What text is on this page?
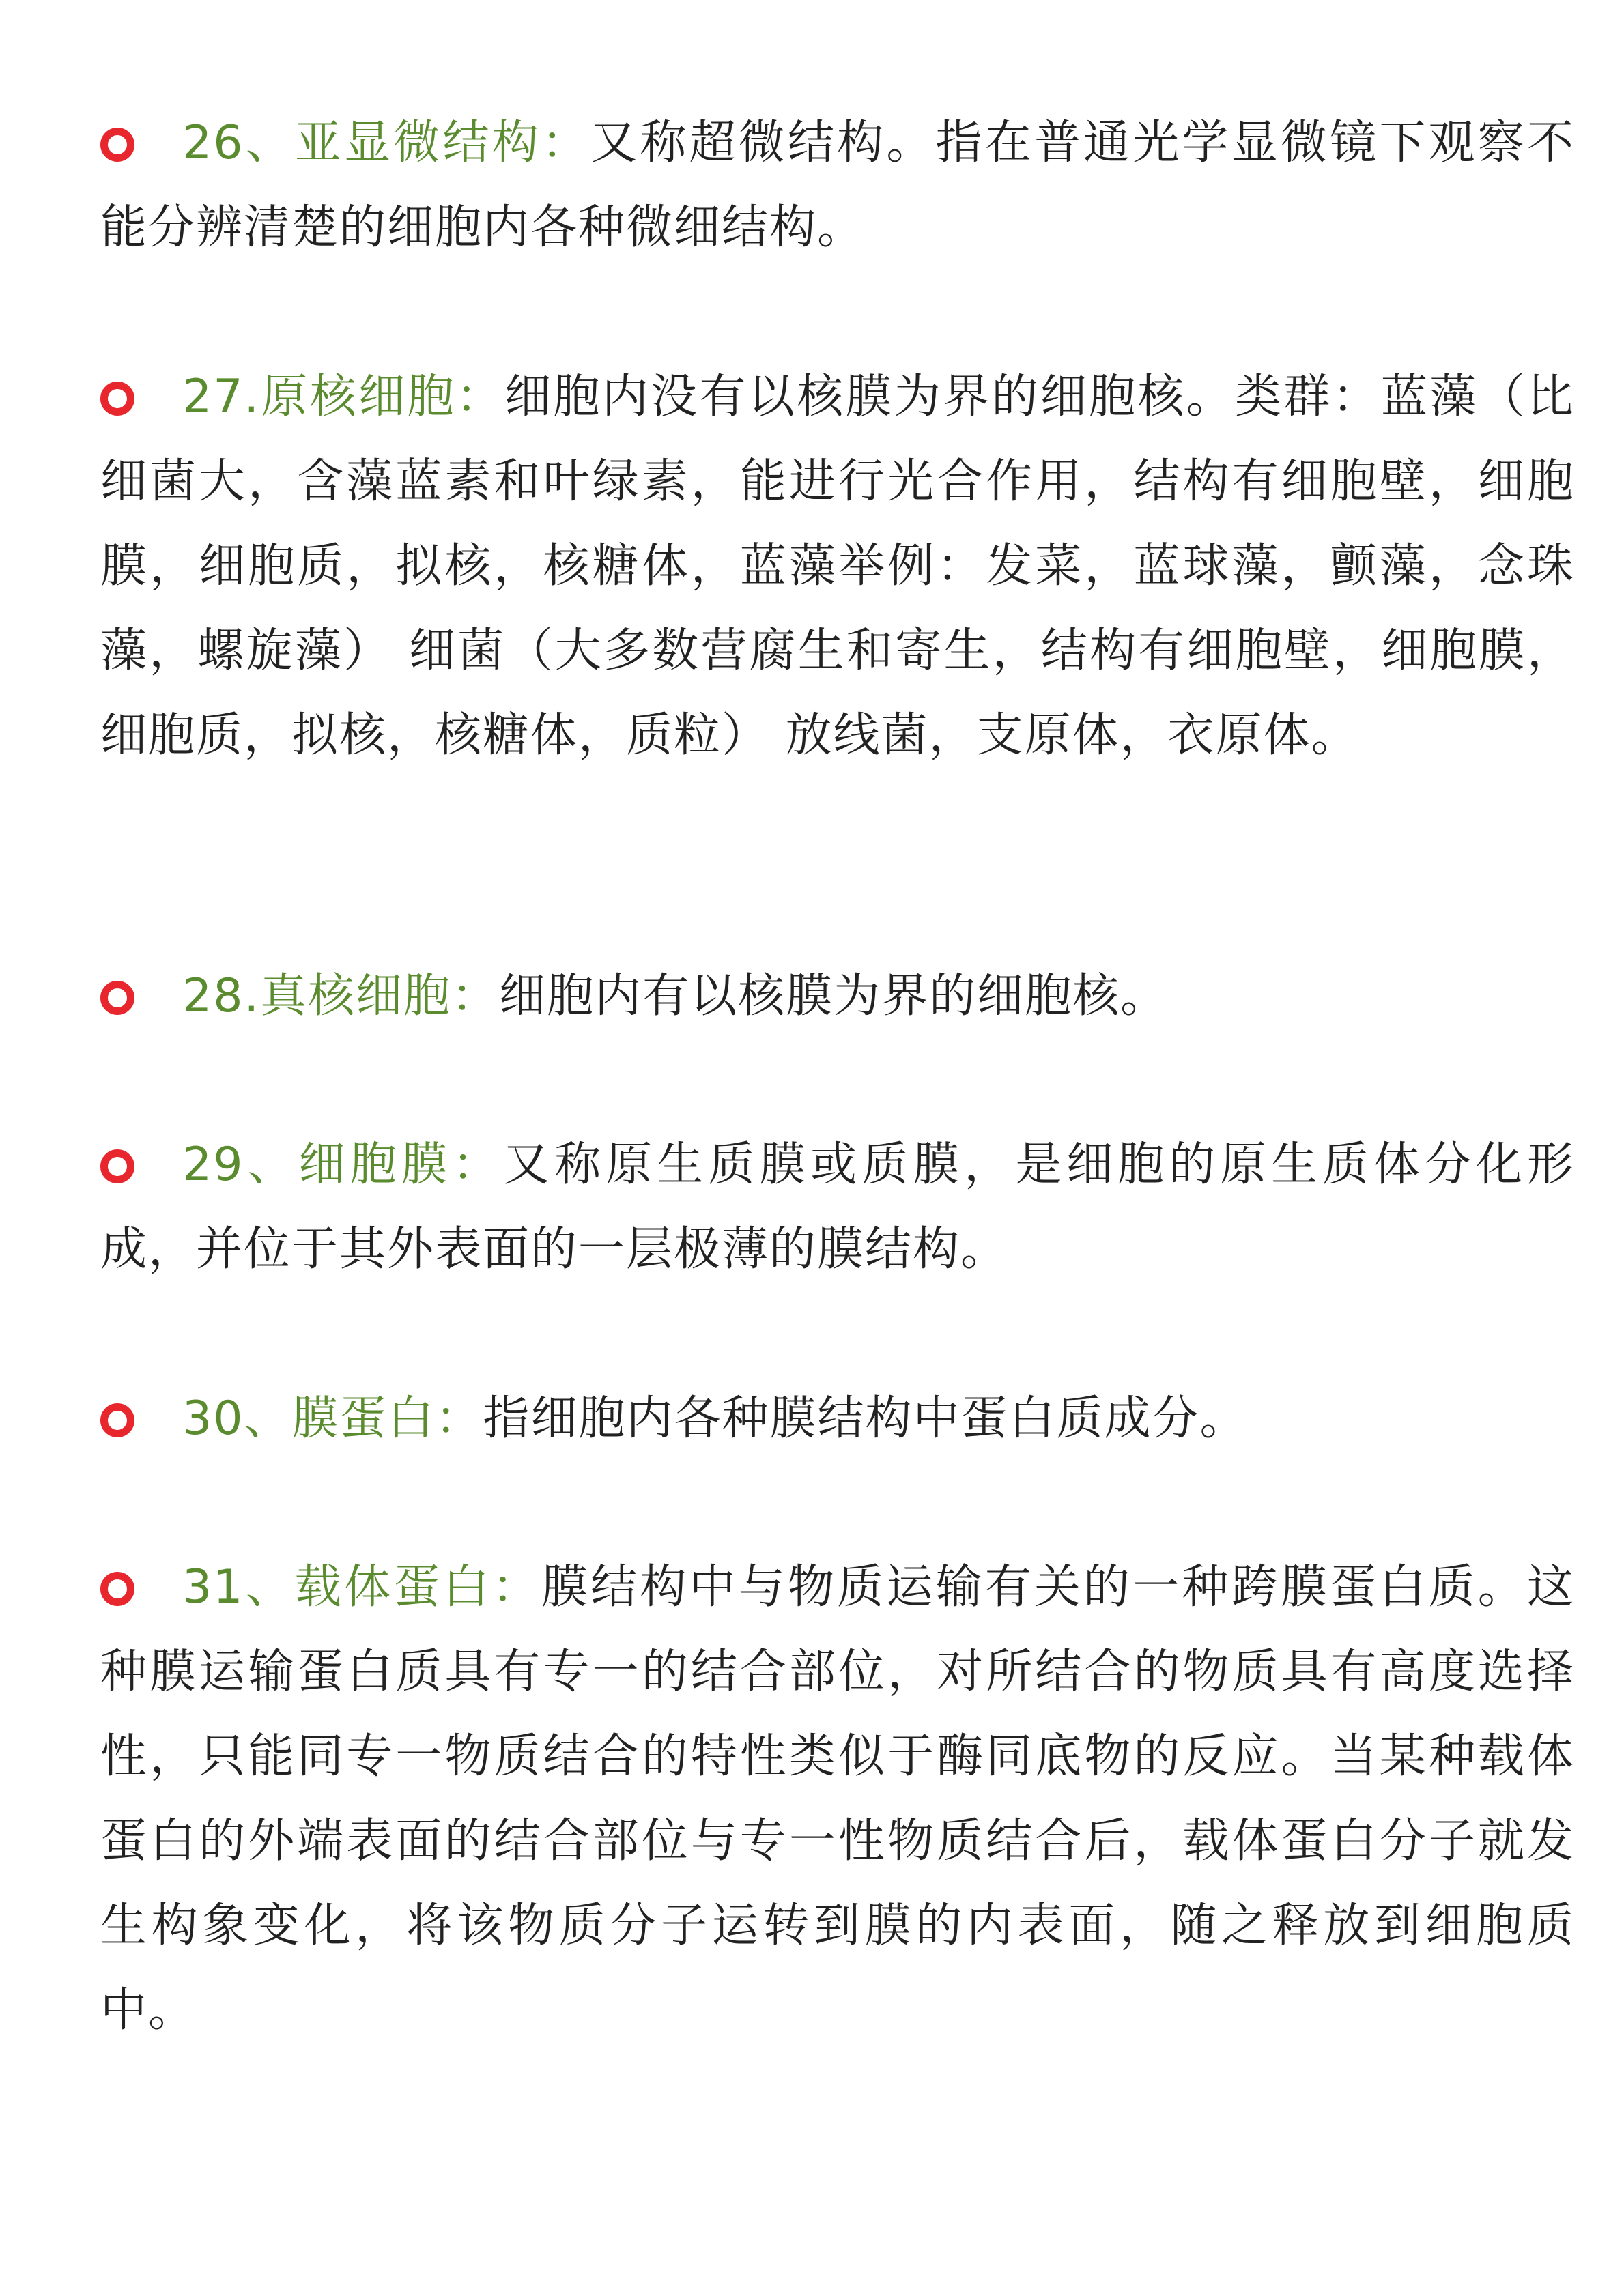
26、亚显微结构：又称超微结构。指在普通光学显微镜下观察不能分辨清楚的细胞内各种微细结构。

27.原核细胞：细胞内没有以核膜为界的细胞核。类群：蓝藻（比细菌大，含藻蓝素和叶绿素，能进行光合作用，结构有细胞壁，细胞膜，细胞质，拟核，核糖体，蓝藻举例：发菜，蓝球藻，颤藻，念珠藻，螺旋藻） 细菌（大多数营腐生和寄生，结构有细胞壁，细胞膜，细胞质，拟核，核糖体，质粒） 放线菌，支原体，衣原体。

28.真核细胞：细胞内有以核膜为界的细胞核。

29、细胞膜：又称原生质膜或质膜，是细胞的原生质体分化形成，并位于其外表面的一层极薄的膜结构。

30、膜蛋白：指细胞内各种膜结构中蛋白质成分。

31、载体蛋白：膜结构中与物质运输有关的一种跨膜蛋白质。这种膜运输蛋白质具有专一的结合部位，对所结合的物质具有高度选择性，只能同专一物质结合的特性类似于酶同底物的反应。当某种载体蛋白的外端表面的结合部位与专一性物质结合后，载体蛋白分子就发生构象变化，将该物质分子运转到膜的内表面，随之释放到细胞质中。
